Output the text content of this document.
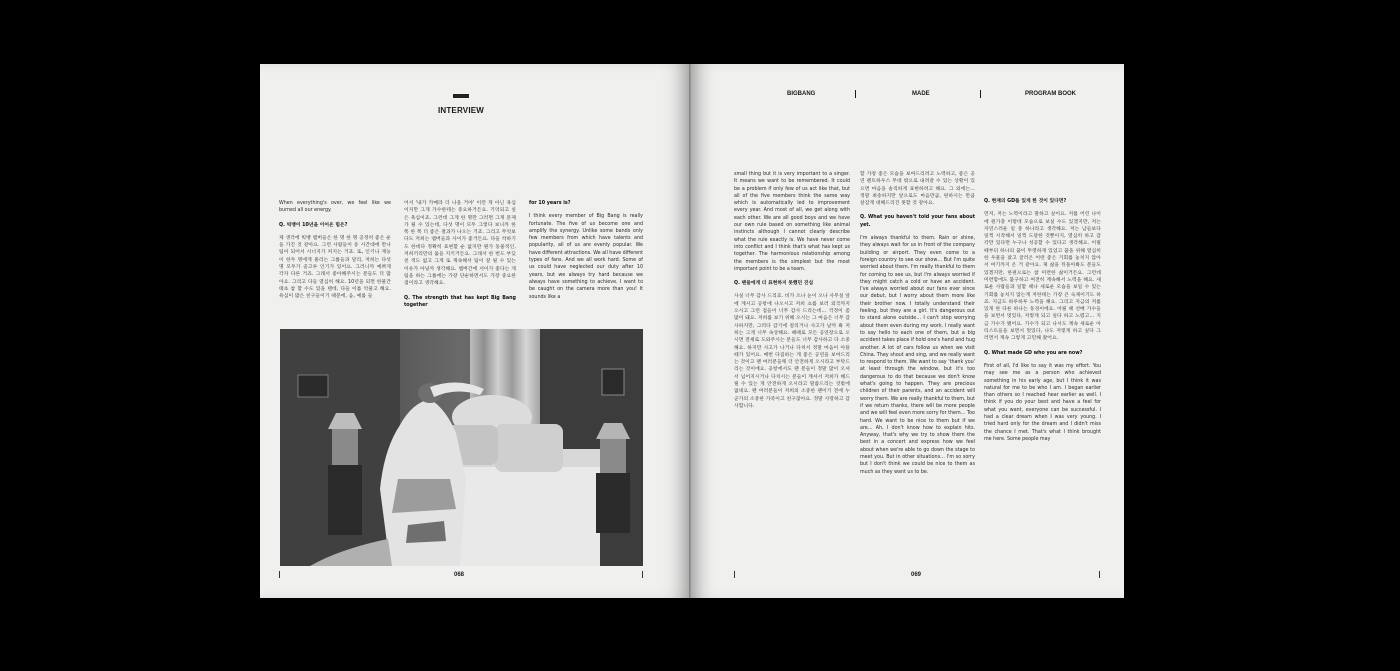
INTERVIEW

When everything's over, we feel like we burned all our energy.

Q. 빅뱅이 10년을 이어온 힘은?

제 생각에 빅뱅 멤버들은 한 명 한 명 공정히 좋은 운을 가진 것 같아요. 그런 사람들이 동 시간대에 만나 팀이 되어서 시너지가 커지는 거죠. 또, 인기나 재능이 한두 명에게 몰리는 그룹들과 달리, 저희는 다섯 명 모두가 골고루 인기가 있어요. 그러니까 예쁘게 각자 다른 거죠. 그래서 좋아해주시는 분들도 더 많아요. 그리고 다들 열심히 해요. 10년을 되면 한물간 태초 참 할 수도 있을 텐데, 다들 이를 악물고 해요. 욕심이 많은 친구들이기 때문에, 음, 예를 들

어서 '내가 카메라 더 나올 거야' 이런 게 아닌 욕심이지만 그게 가수한테는 중요하거든요. 기억되고 싶은 욕심이죠. 그런데 그게 한 명만 그러면 그게 문제가 될 수 있는데, 다섯 명이 모두 그렇다 보니까 한 쪽 한 쪽 더 좋은 결과가 나오는 거죠. 그리고 무엇보다도 저희는 멤버들과 사이가 좋거든요. 다들 착하기도 한데다 정확히 표현할 순 없지만 뭔가 동물적인, 저희끼리만의 룰을 지키거든요. 그래서 한 번도 부딪친 적도 없고 그게 또 계속해서 팀이 잘 될 수 있는 이유가 아닐까 생각해요. 멤버간에 서이가 좋다는 게 팀을 하는 그룹에는 가장 단순하면서도 가장 중요한 점이라고 생각해요.

Q. The strength that has kept Big Bang together

for 10 years is?

I think every member of Big Bang is really fortunate. The five of us become one and amplify the synergy. Unlike some bands only few members from which have talents and popularity, all of us are evenly popular. We have different attractions. We all have different types of fans. And we all work hard. Some of us could have neglected our duty after 10 years, but we always try hard because we always have something to achieve. I want to be caught on the camera more than you! It sounds like a

068
BIGBANG	MADE	PROGRAM BOOK

small thing but it is very important to a singer. It means we want to be remembered. It could be a problem if only few of us act like that, but all of the five members think the same way which is automatically led to improvement every year. And most of all, we get along with each other. We are all good boys and we have our own rule based on something like animal instincts although I cannot clearly describe what the rule exactly is. We have never come into conflict and I think that's what has kept us together. The harmonious relationship among the members is the simplest but the most important point to be a team.

Q. 팬들에게 더 표현하지 못했던 진심

사실 너무 감사 드리죠. 비가 오나 눈이 오나 사무실 앞에 계시고 공항에 나오시고 저희 쇼를 보러 외국까지 오시고 그런 점들이 너무 감사 드리는데… 걱정이 좀 많이 돼요. 저희를 보기 위해 오시는 그 마음은 너무 감사하지만, 그러다 감기에 걸리거나 사고가 날까 봐 저희는 그게 너무 속상해요. 때때로 모든 공연장으로 오시면 전세로 도와주시는 분들도 너무 감사하고 다 소중해요. 하지만 사고가 나거나 다쳐서 정말 마음이 아플 때가 있어요. 매번 다짐하는 게 좋은 공연을 보여드리는 것이고 팬 여러분들께 더 안전하게 오시라고 부탁드리는 것이에요. 공항에서도 팬 분들이 정말 많이 오셔서 넘어지시거나 다치시는 분들이 계셔서 저희가 해드릴 수 있는 게 안전하게 오시라고 말씀드리는 것밖에 없네요. 팬 여러분들이 저희의 소중한 팬이기 전에 누군가의 소중한 가족이고 친구잖아요. 정말 사랑하고 감사합니다.

할 가장 좋은 모습을 보여드리려고 노력하고, 좋은 공연 펜트하우스 무대 밖으로 내려갈 수 있는 상황이 있으면 마음을 솔직하게 표현하려고 해요. 그 외에는… 정말 최송하지만 앞으로도 마음만큼, 편하시는 만큼 살갑게 대해드리진 못할 것 같아요.

Q. What you haven't told your fans about yet.

I'm always thankful to them. Rain or shine, they always wait for us in front of the company building or airport. They even come to a foreign country to see our show… But I'm quite worried about them. I'm really thankful to them for coming to see us, but I'm always worried if they might catch a cold or have an accident. I've always worried about our fans ever since our debut, but I worry about them more like their brother now. I totally understand their feeling, but they are a girl. It's dangerous out to stand alone outside… I can't stop worrying about them even during my work. I really want to say hello to each one of them, but a big accident takes place if hold one's hand and hug another. A lot of cars follow us when we visit China. They shout and sing, and we really want to respond to them. We want to say 'thank you' at least through the window, but it's too dangerous to do that because we don't know what's going to happen. They are precious children of their parents, and an accident will worry them. We are really thankful to them, but if we return thanks, there will be more people and we will feel even more sorry for them… Too hard. We want to be nice to them but if we are… Ah, I don't know how to explain hits. Anyway, that's why we try to show them the best in a concert and express how we feel about when we're able to go down the stage to meet you. But in other situations… I'm so sorry but I don't think we could be nice to them as much as they want us to be.

Q. 현재의 GD를 있게 한 것이 있다면?

먼저, 저는 노력이라고 말하고 싶어요. 저를 어린 나이에 원가충 이렇데 모습으로 보실 수도 있겠지만, 저는 자연스러운 일 중 하나라고 생각해요. 저는 남들보다 일찍 시작해서 일찍 도달한 것뿐이지, 열심히 하고 감각만 있다면 누구나 성공할 수 있다고 생각해요. 어릴 때부터 하나의 꿈이 뚜렷하게 있었고 꿈을 위해 열심히 한 우물을 팠고 굴러온 어떤 좋은 기회를 놓치지 않아서 여기까지 온 거 같아요. 제 삶을 뒤돌아봐도 분들도 있겠지만, 한편으로는 참 미련한 삶이거든요. 그런데 미련함에도 불구하고 여전히 계속해서 노력을 해요. 새로운 사람들과 일할 때나 새로운 모습을 보일 수 있는 기회를 놓치지 않는게 저한테는 가장 큰 숙제이기도 하죠. 지금도 하루하루 노력을 해요. 그리고 지금의 저를 있게 한 다른 하나는 동경이에요. 어릴 때 선배 가수들을 보면서 멋있다, 저렇게 되고 싶다 하고 노렸고… 지금 가수가 됐어요. 가수가 되고 나서도 계속 새로운 아티스트들을 보면서 멋있다, 나도 저렇게 하고 싶다 그러면서 계속 그렇게 고민해 왔어요.

Q. What made GD who you are now?

First of all, I'd like to say it was my effort. You may see me as a person who achieved something in his early age, but I think it was natural for me to be who I am. I began earlier than others so I reached hear earlier as well. I think if you do your best and have a feel for what you want, everyone can be successful. I had a clear dream when I was very young. I tried hard only for the dream and I didn't miss the chance I met. That's what I think brought me here. Some people may

069
